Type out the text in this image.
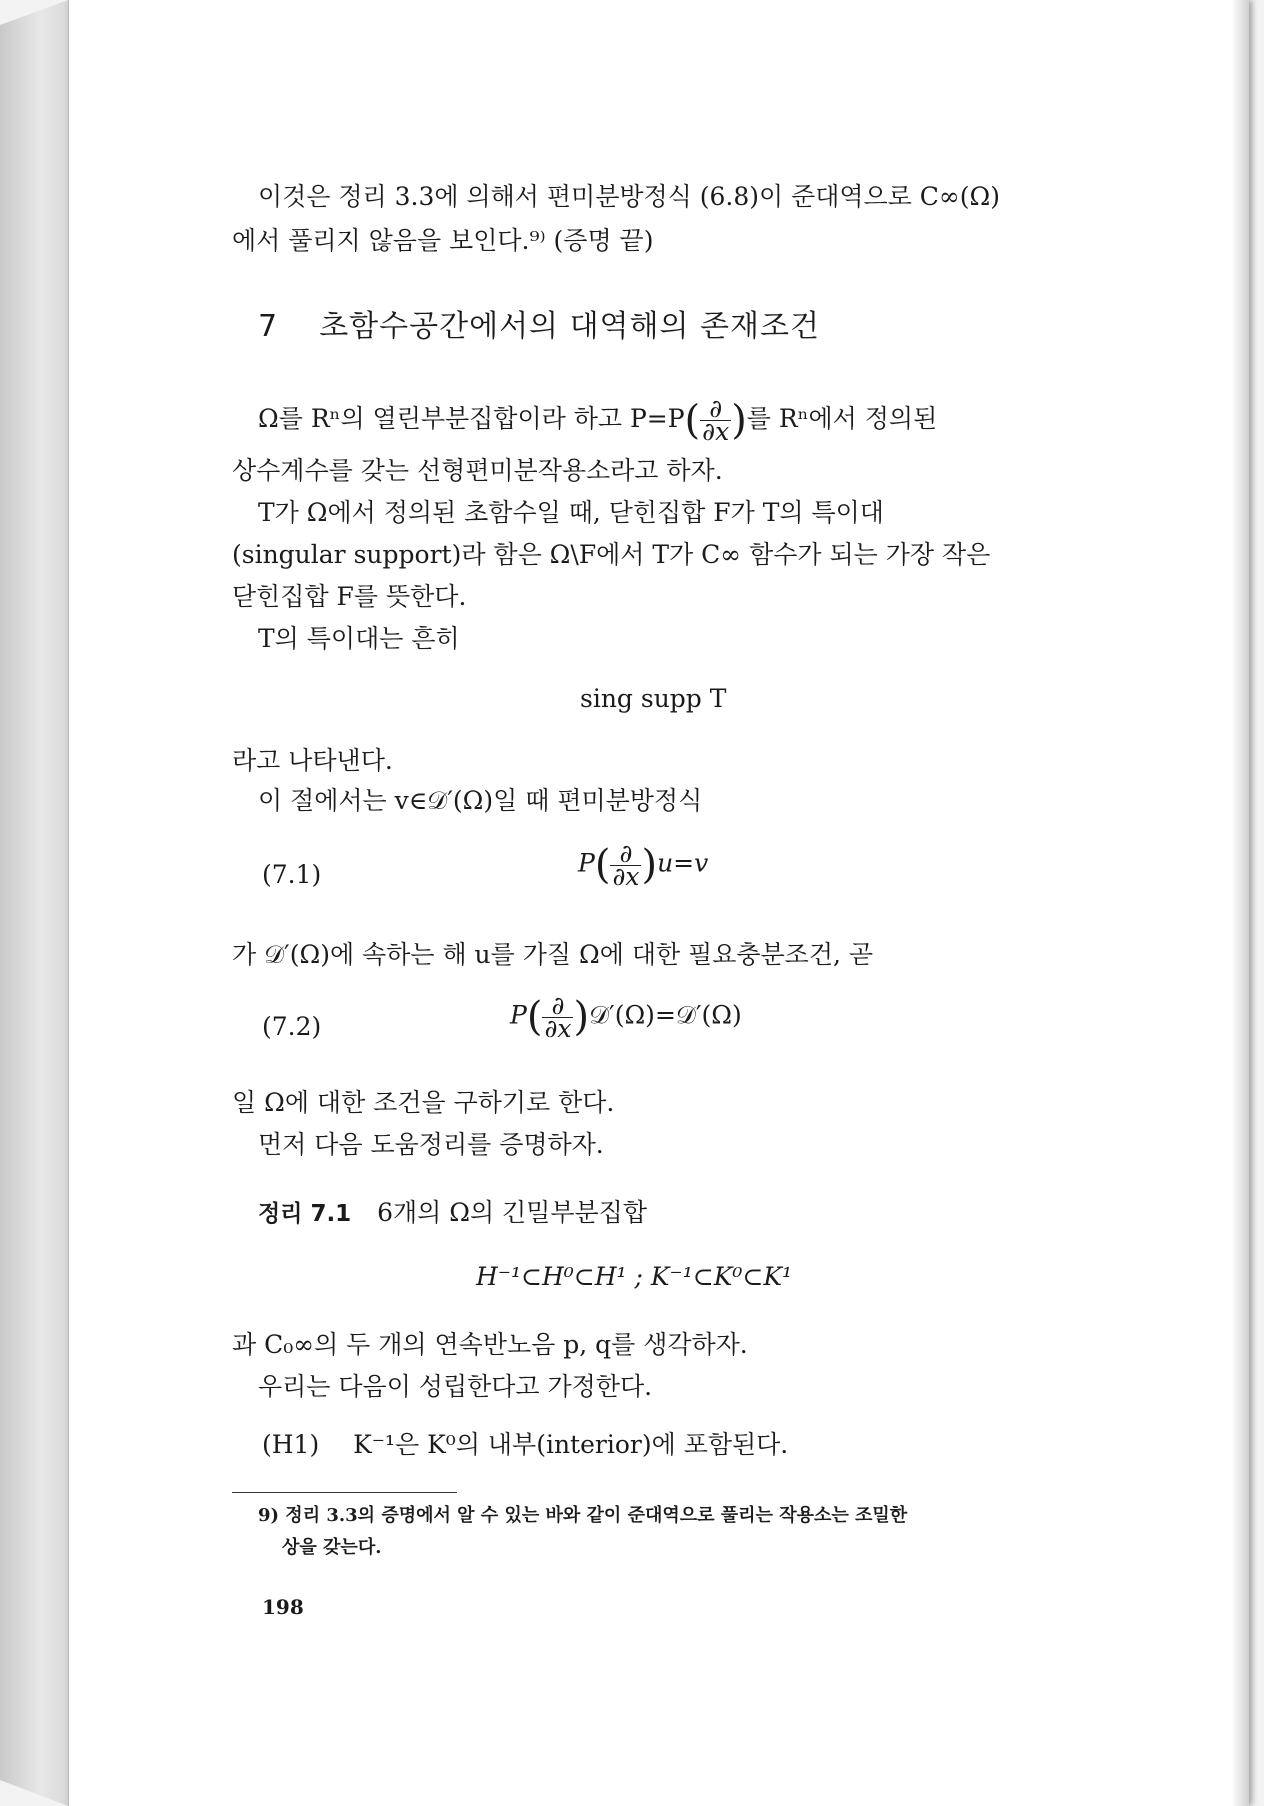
이것은 정리 3.3에 의해서 편미분방정식 (6.8)이 준대역으로 C∞(Ω)
에서 풀리지 않음을 보인다.⁹⁾ (증명 끝)
7 초함수공간에서의 대역해의 존재조건
Ω를 Rⁿ의 열린부분집합이라 하고 $P=P( \frac{\partial}{\partial x}$ )를 Rⁿ에서 정의된
상수계수를 갖는 선형편미분작용소라고 하자.
T가 Ω에서 정의된 초함수일 때, 닫힌집합 F가 T의 특이대
(singular support)라 함은 Ω\F에서 T가 C∞ 함수가 되는 가장 작은
닫힌집합 F를 뜻한다.
T의 특이대는 흔히
sing supp T
라고 나타낸다.
이 절에서는 v∈𝒟′(Ω)일 때 편미분방정식
(7.1)	$P( \frac{\partial}{\partial x} )u=v$
가 𝒟′(Ω)에 속하는 해 u를 가질 Ω에 대한 필요충분조건, 곧
(7.2)	$P( \frac{\partial}{\partial x}$ )𝒟′(Ω)=𝒟′(Ω)
일 Ω에 대한 조건을 구하기로 한다.
먼저 다음 도움정리를 증명하자.
정리 7.1 6개의 Ω의 긴밀부분집합
H⁻¹⊂H⁰⊂H¹ ; K⁻¹⊂K⁰⊂K¹
과 C₀∞의 두 개의 연속반노음 p, q를 생각하자.
우리는 다음이 성립한다고 가정한다.
(H1) K⁻¹은 K⁰의 내부(interior)에 포함된다.
9) 정리 3.3의 증명에서 알 수 있는 바와 같이 준대역으로 풀리는 작용소는 조밀한
상을 갖는다.
198
